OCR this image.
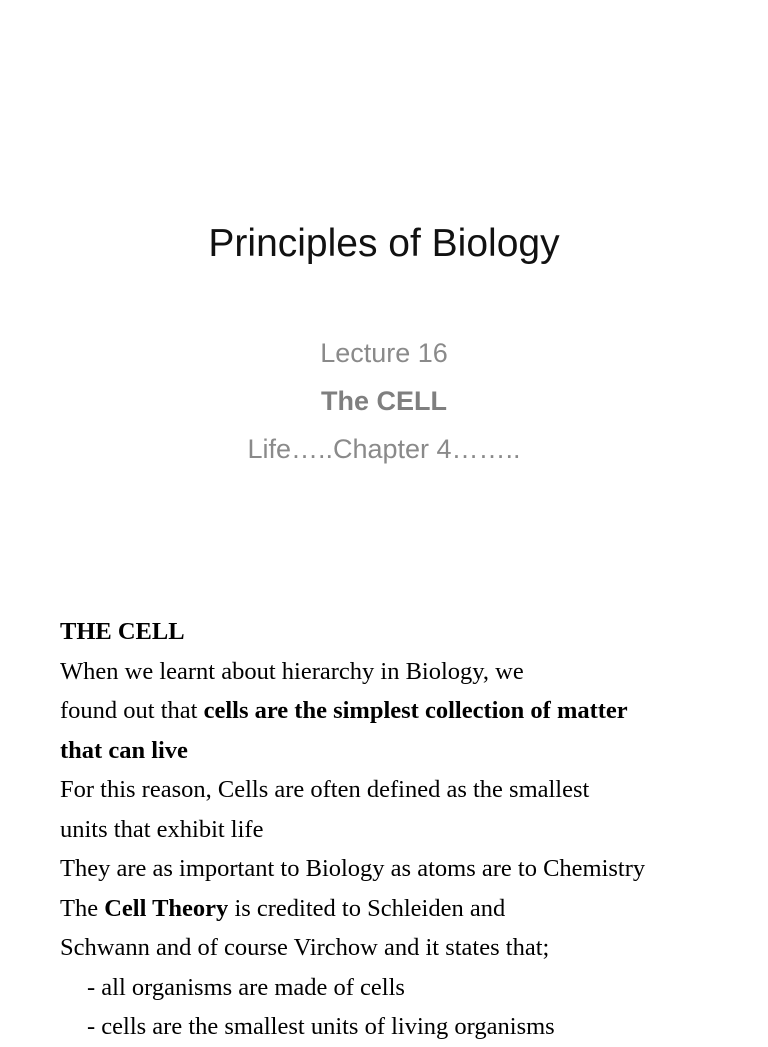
Principles of Biology
Lecture 16
The CELL
Life…..Chapter 4……..
THE CELL
When we learnt about hierarchy in Biology, we
found out that cells are the simplest collection of matter
that can live
For this reason, Cells are often defined as the smallest
units that exhibit life
They are as important to Biology as atoms are to Chemistry
The Cell Theory is credited to Schleiden and
Schwann and of course Virchow and it states that;
- all organisms are made of cells
- cells are the smallest units of living organisms
